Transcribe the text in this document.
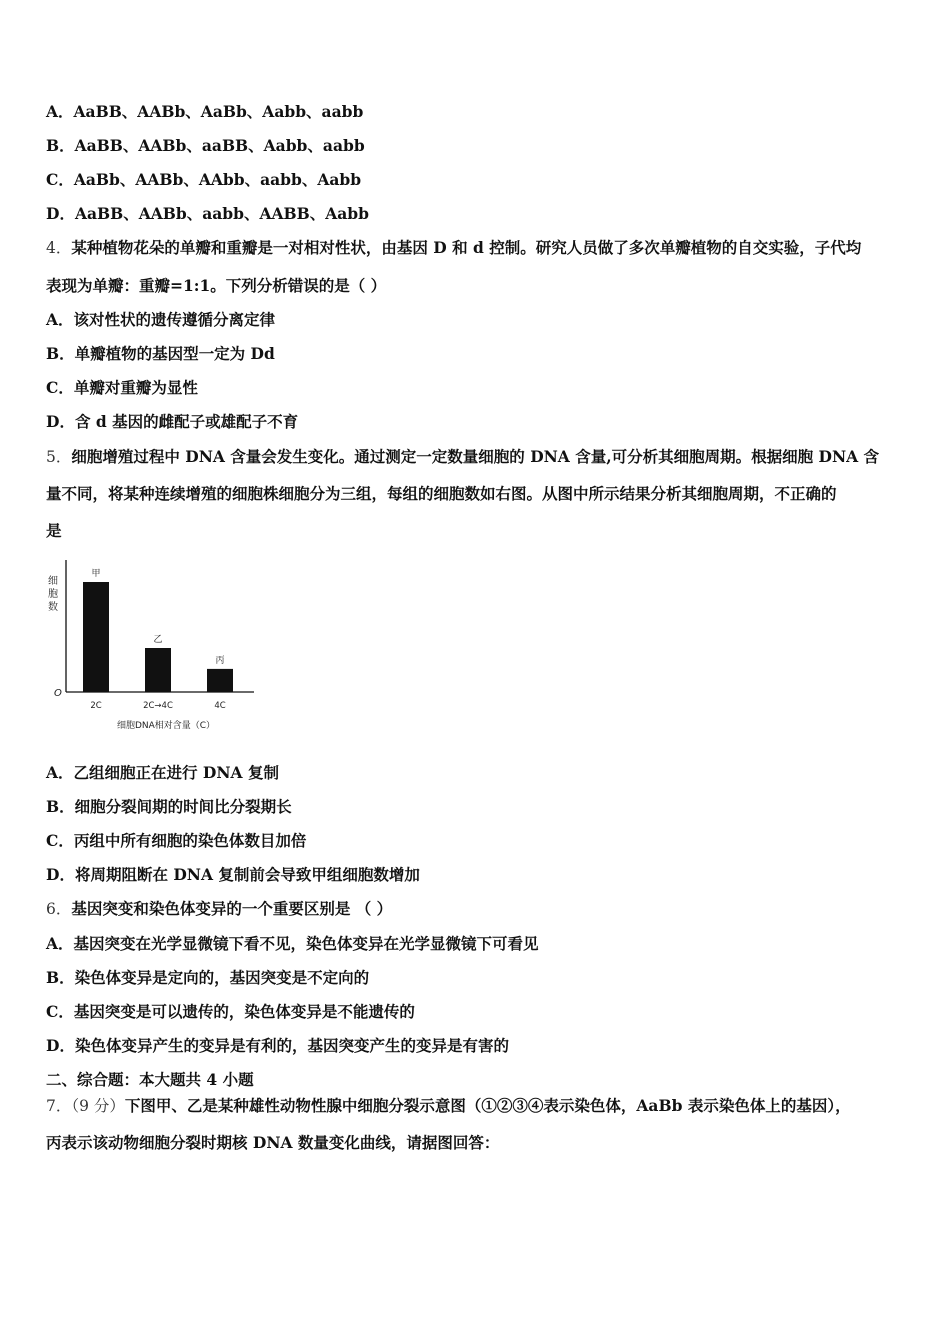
A．AaBB、AABb、AaBb、Aabb、aabb
B．AaBB、AABb、aaBB、Aabb、aabb
C．AaBb、AABb、AAbb、aabb、Aabb
D．AaBB、AABb、aabb、AABB、Aabb
4．某种植物花朵的单瓣和重瓣是一对相对性状，由基因 D 和 d 控制。研究人员做了多次单瓣植物的自交实验，子代均
表现为单瓣：重瓣=1:1。下列分析错误的是（ ）
A．该对性状的遗传遵循分离定律
B．单瓣植物的基因型一定为 Dd
C．单瓣对重瓣为显性
D．含 d 基因的雌配子或雄配子不育
5．细胞增殖过程中 DNA 含量会发生变化。通过测定一定数量细胞的 DNA 含量,可分析其细胞周期。根据细胞 DNA 含
量不同，将某种连续增殖的细胞株细胞分为三组，每组的细胞数如右图。从图中所示结果分析其细胞周期，不正确的
是
细
胞
数
O
甲
2C
乙
2C→4C
丙
4C
细胞DNA相对含量（C）
A．乙组细胞正在进行 DNA 复制
B．细胞分裂间期的时间比分裂期长
C．丙组中所有细胞的染色体数目加倍
D．将周期阻断在 DNA 复制前会导致甲组细胞数增加
6．基因突变和染色体变异的一个重要区别是 （ ）
A．基因突变在光学显微镜下看不见，染色体变异在光学显微镜下可看见
B．染色体变异是定向的，基因突变是不定向的
C．基因突变是可以遗传的，染色体变异是不能遗传的
D．染色体变异产生的变异是有利的，基因突变产生的变异是有害的
二、综合题：本大题共 4 小题
7．（9 分）下图甲、乙是某种雄性动物性腺中细胞分裂示意图（①②③④表示染色体，AaBb 表示染色体上的基因），
丙表示该动物细胞分裂时期核 DNA 数量变化曲线，请据图回答：
